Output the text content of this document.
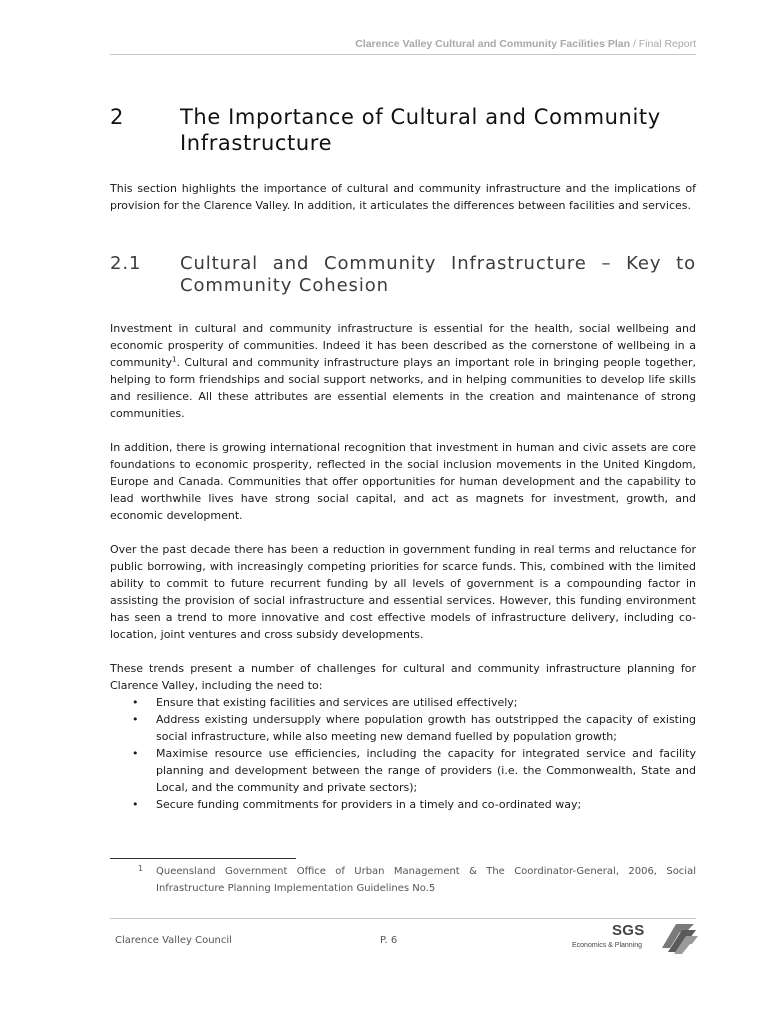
Clarence Valley Cultural and Community Facilities Plan / Final Report
2	The Importance of Cultural and Community Infrastructure

This section highlights the importance of cultural and community infrastructure and the implications of provision for the Clarence Valley. In addition, it articulates the differences between facilities and services.

2.1 Cultural and Community Infrastructure – Key to Community Cohesion

Investment in cultural and community infrastructure is essential for the health, social wellbeing and economic prosperity of communities. Indeed it has been described as the cornerstone of wellbeing in a community$^1$. Cultural and community infrastructure plays an important role in bringing people together, helping to form friendships and social support networks, and in helping communities to develop life skills and resilience. All these attributes are essential elements in the creation and maintenance of strong communities.

In addition, there is growing international recognition that investment in human and civic assets are core foundations to economic prosperity, reflected in the social inclusion movements in the United Kingdom, Europe and Canada. Communities that offer opportunities for human development and the capability to lead worthwhile lives have strong social capital, and act as magnets for investment, growth, and economic development.

Over the past decade there has been a reduction in government funding in real terms and reluctance for public borrowing, with increasingly competing priorities for scarce funds. This, combined with the limited ability to commit to future recurrent funding by all levels of government is a compounding factor in assisting the provision of social infrastructure and essential services. However, this funding environment has seen a trend to more innovative and cost effective models of infrastructure delivery, including co-location, joint ventures and cross subsidy developments.

These trends present a number of challenges for cultural and community infrastructure planning for Clarence Valley, including the need to:

• Ensure that existing facilities and services are utilised effectively;
• Address existing undersupply where population growth has outstripped the capacity of existing social infrastructure, while also meeting new demand fuelled by population growth;
• Maximise resource use efficiencies, including the capacity for integrated service and facility planning and development between the range of providers (i.e. the Commonwealth, State and Local, and the community and private sectors);
• Secure funding commitments for providers in a timely and co-ordinated way;
1 Queensland Government Office of Urban Management & The Coordinator-General, 2006, Social Infrastructure Planning Implementation Guidelines No.5
Clarence Valley Council	P. 6
SGS
Economics & Planning
